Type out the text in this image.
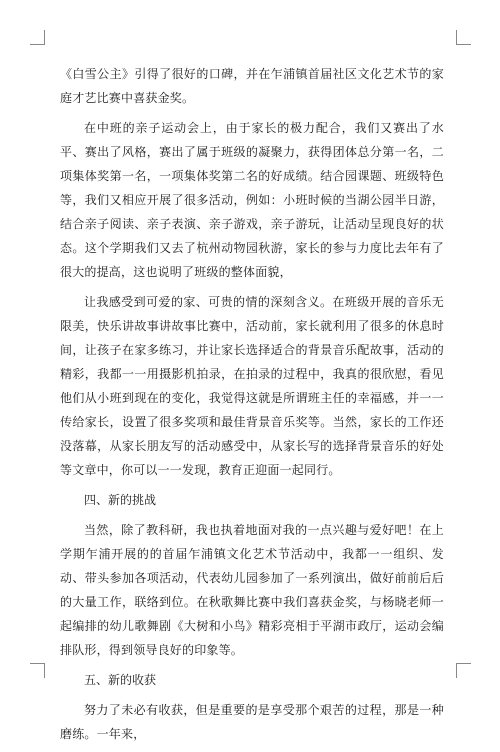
《白雪公主》引得了很好的口碑，并在乍浦镇首届社区文化艺术节的家庭才艺比赛中喜获金奖。

在中班的亲子运动会上，由于家长的极力配合，我们又赛出了水平、赛出了风格，赛出了属于班级的凝聚力，获得团体总分第一名，二项集体奖第一名，一项集体奖第二名的好成绩。结合园课题、班级特色等，我们又相应开展了很多活动，例如：小班时候的当湖公园半日游，结合亲子阅读、亲子表演、亲子游戏，亲子游玩，让活动呈现良好的状态。这个学期我们又去了杭州动物园秋游，家长的参与力度比去年有了很大的提高，这也说明了班级的整体面貌，

让我感受到可爱的家、可贵的情的深刻含义。在班级开展的音乐无限美，快乐讲故事讲故事比赛中，活动前，家长就利用了很多的休息时间，让孩子在家多练习，并让家长选择适合的背景音乐配故事，活动的精彩，我都一一用摄影机拍录，在拍录的过程中，我真的很欣慰，看见他们从小班到现在的变化，我觉得这就是所谓班主任的幸福感，并一一传给家长，设置了很多奖项和最佳背景音乐奖等。当然，家长的工作还没落幕，从家长朋友写的活动感受中，从家长写的选择背景音乐的好处等文章中，你可以一一发现，教育正迎面一起同行。

四、新的挑战

当然，除了教科研，我也执着地面对我的一点兴趣与爱好吧！在上学期乍浦开展的的首届乍浦镇文化艺术节活动中，我都一一组织、发动、带头参加各项活动，代表幼儿园参加了一系列演出，做好前前后后的大量工作，联络到位。在秋歌舞比赛中我们喜获金奖，与杨晓老师一起编排的幼儿歌舞剧《大树和小鸟》精彩亮相于平湖市政厅，运动会编排队形，得到领导良好的印象等。

五、新的收获

努力了未必有收获，但是重要的是享受那个艰苦的过程，那是一种磨练。一年来，
